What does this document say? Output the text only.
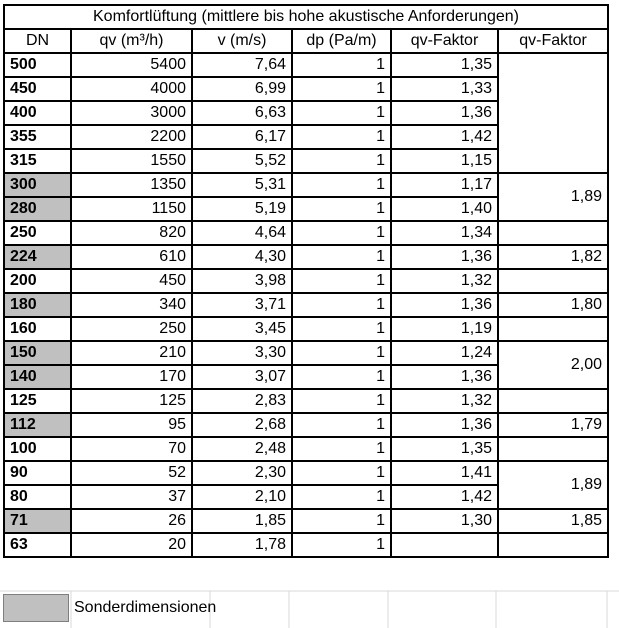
Komfortlüftung (mittlere bis hohe akustische Anforderungen)					
DN	qv (m³/h)	v (m/s)	dp (Pa/m)	qv-Faktor	qv-Faktor
500	5400	7,64	1	1,35	
450	4000	6,99	1	1,33	
400	3000	6,63	1	1,36	
355	2200	6,17	1	1,42	
315	1550	5,52	1	1,15	
300	1350	5,31	1	1,17	1,89
280	1150	5,19	1	1,40	
250	820	4,64	1	1,34	
224	610	4,30	1	1,36	1,82
200	450	3,98	1	1,32	
180	340	3,71	1	1,36	1,80
160	250	3,45	1	1,19	
150	210	3,30	1	1,24	2,00
140	170	3,07	1	1,36	
125	125	2,83	1	1,32	
112	95	2,68	1	1,36	1,79
100	70	2,48	1	1,35	
90	52	2,30	1	1,41	1,89
80	37	2,10	1	1,42	
71	26	1,85	1	1,30	1,85
63	20	1,78	1		
Sonderdimensionen
